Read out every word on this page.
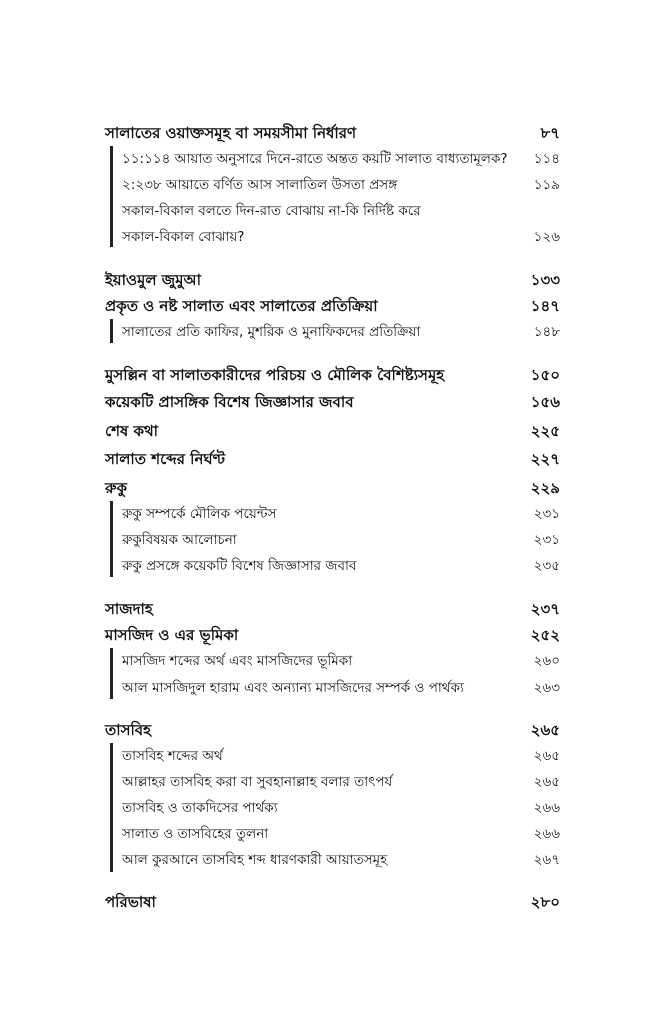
সালাতের ওয়াক্তসমূহ বা সময়সীমা নির্ধারণ	৮৭
১১:১১৪ আয়াত অনুসারে দিনে-রাতে অন্তত কয়টি সালাত বাধ্যতামূলক? ১১৪
২:২৩৮ আয়াতে বর্ণিত আস সালাতিল উসতা প্রসঙ্গ	১১৯
সকাল-বিকাল বলতে দিন-রাত বোঝায় না-কি নির্দিষ্ট করে
সকাল-বিকাল বোঝায়?	১২৬
ইয়াওমুল জুমুআ	১৩৩
প্রকৃত ও নষ্ট সালাত এবং সালাতের প্রতিক্রিয়া	১৪৭
সালাতের প্রতি কাফির, মুশরিক ও মুনাফিকদের প্রতিক্রিয়া	১৪৮
মুসল্লিন বা সালাতকারীদের পরিচয় ও মৌলিক বৈশিষ্ট্যসমূহ	১৫০
কয়েকটি প্রাসঙ্গিক বিশেষ জিজ্ঞাসার জবাব	১৫৬
শেষ কথা	২২৫
সালাত শব্দের নির্ঘণ্ট	২২৭
রুকু	২২৯
রুকু সম্পর্কে মৌলিক পয়েন্টস	২৩১
রুকুবিষয়ক আলোচনা	২৩১
রুকু প্রসঙ্গে কয়েকটি বিশেষ জিজ্ঞাসার জবাব	২৩৫
সাজদাহ	২৩৭
মাসজিদ ও এর ভূমিকা	২৫২
মাসজিদ শব্দের অর্থ এবং মাসজিদের ভূমিকা	২৬০
আল মাসজিদুল হারাম এবং অন্যান্য মাসজিদের সম্পর্ক ও পার্থক্য	২৬৩
তাসবিহ	২৬৫
তাসবিহ শব্দের অর্থ	২৬৫
আল্লাহর তাসবিহ করা বা সুবহানাল্লাহ বলার তাৎপর্য	২৬৫
তাসবিহ ও তাকদিসের পার্থক্য	২৬৬
সালাত ও তাসবিহের তুলনা	২৬৬
আল কুরআনে তাসবিহ শব্দ ধারণকারী আয়াতসমূহ	২৬৭
পরিভাষা	২৮০
